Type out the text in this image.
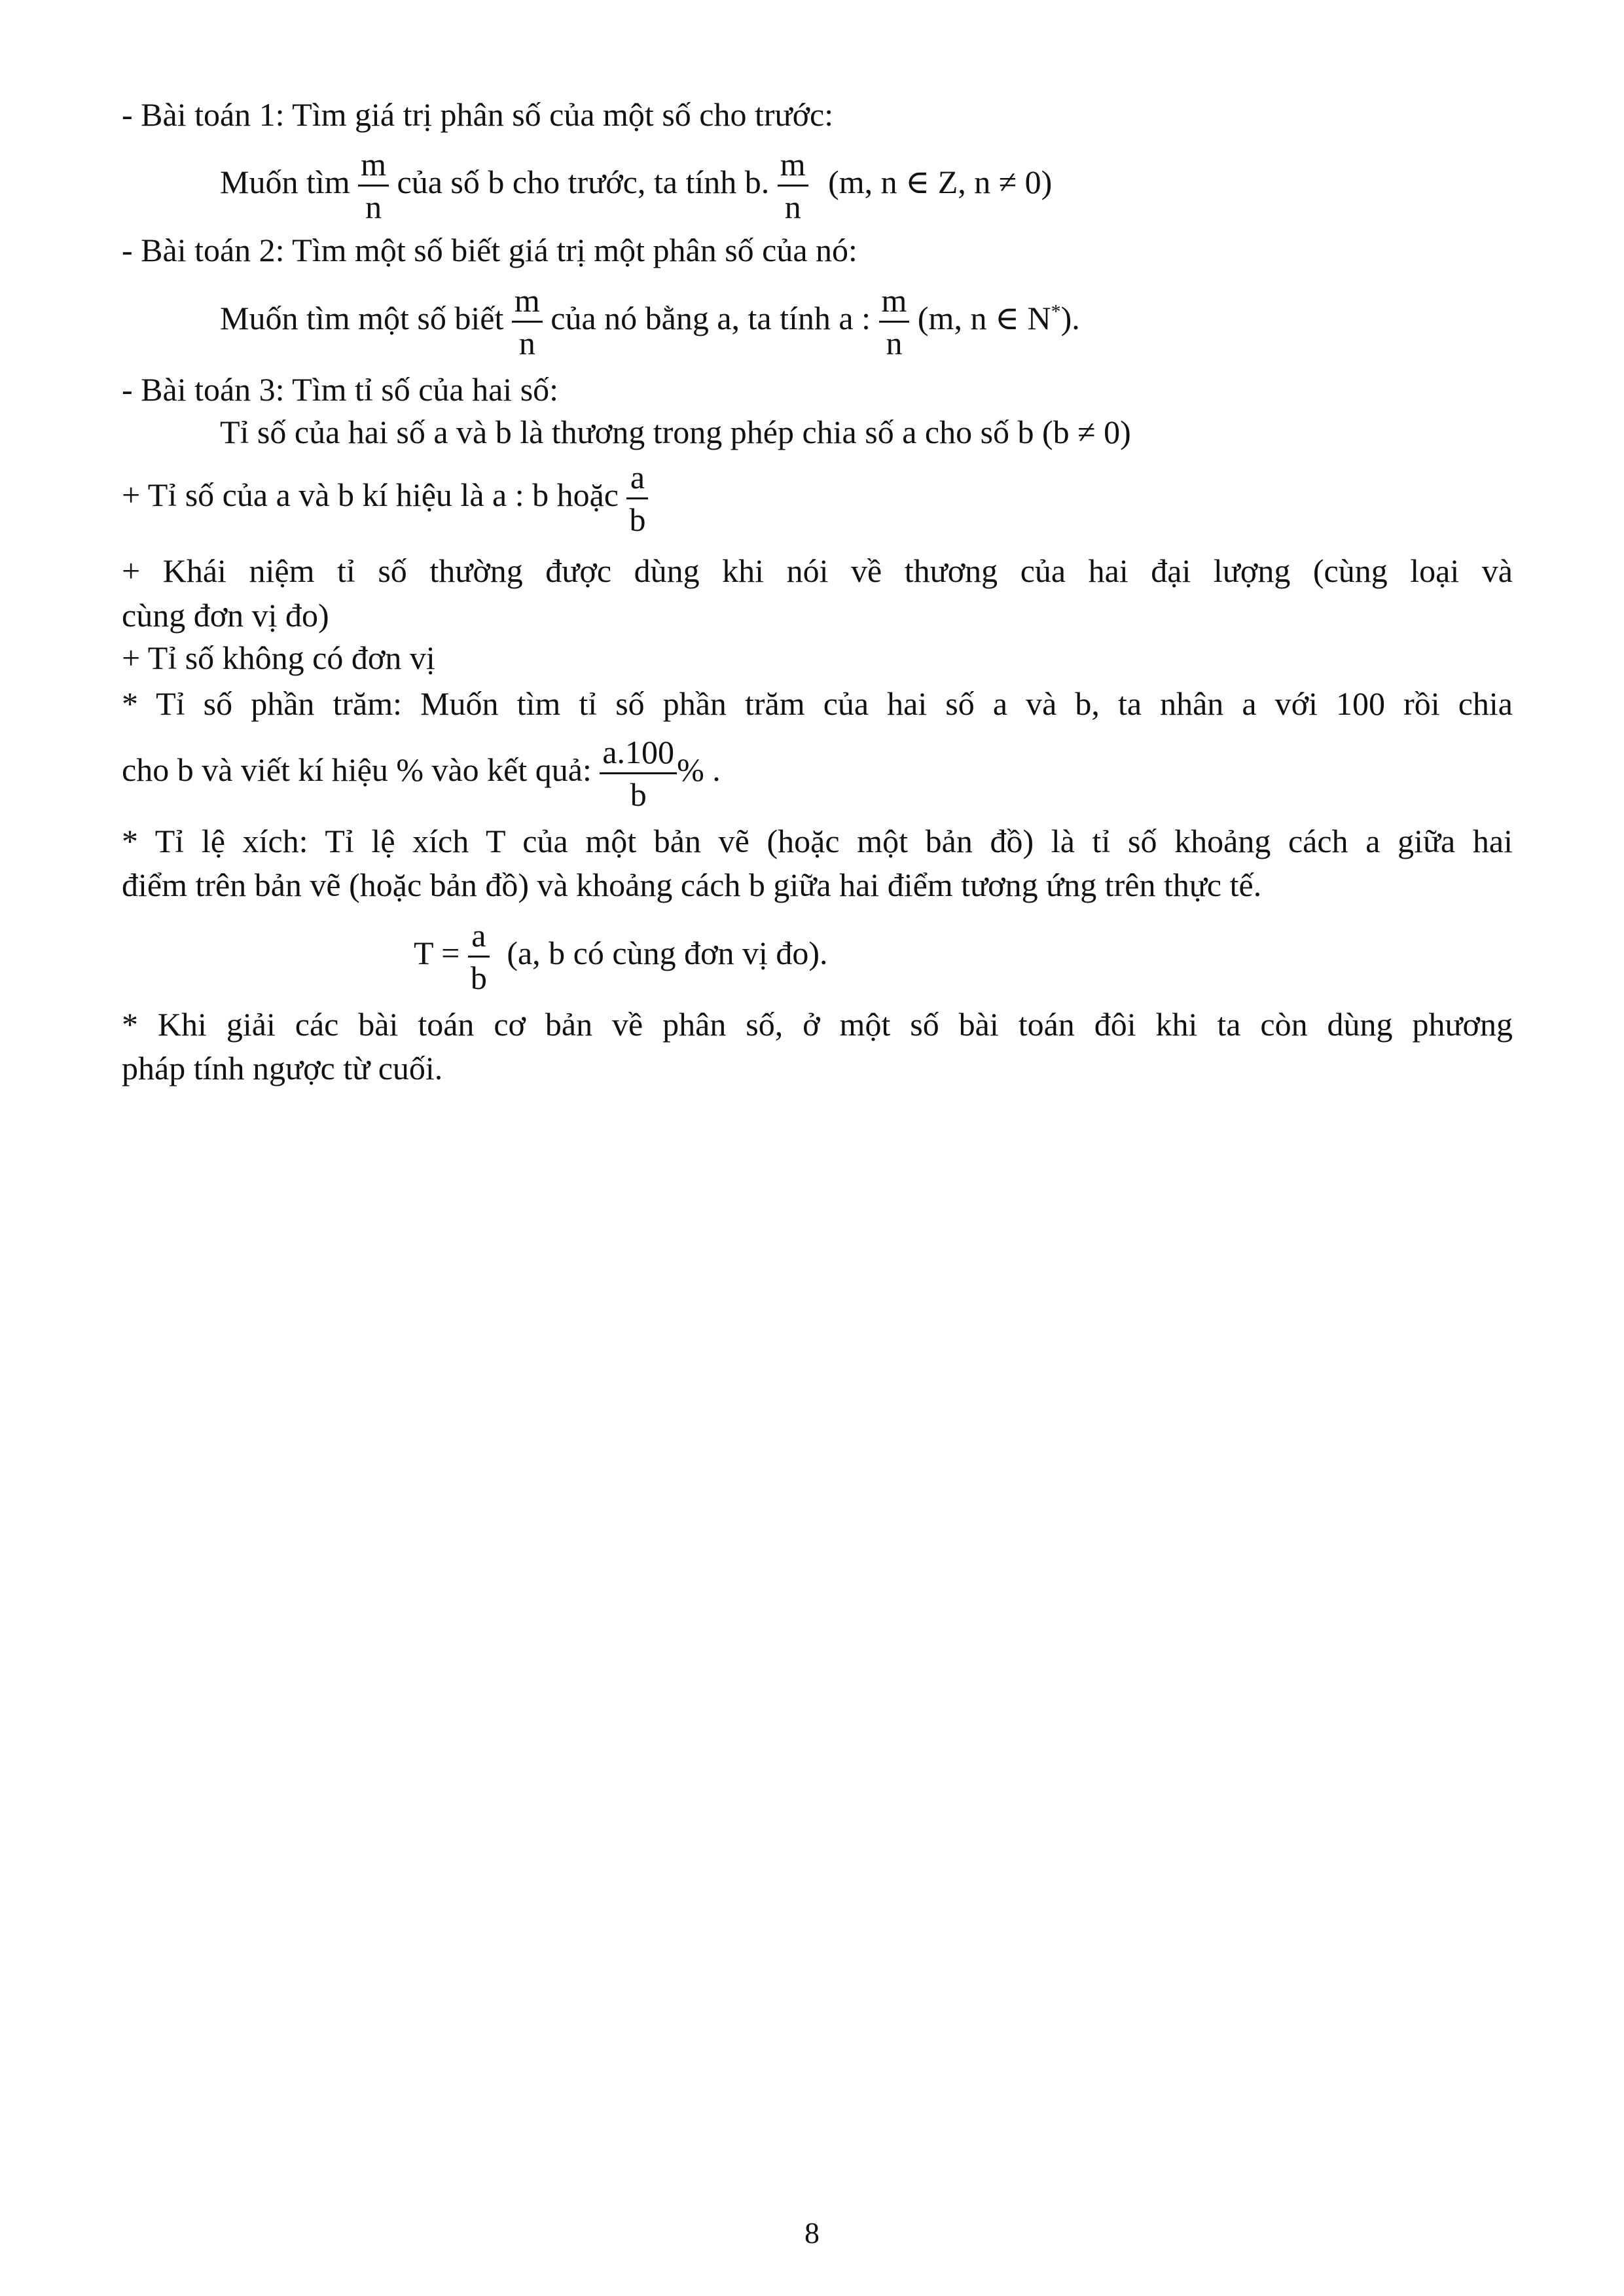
- Bài toán 1: Tìm giá trị phân số của một số cho trước:
Muốn tìm $\frac{m}{n}$ của số b cho trước, ta tính b. $\frac{m}{n} (m$, n ∈ Z, n ≠ 0)
- Bài toán 2: Tìm một số biết giá trị một phân số của nó:
Muốn tìm một số biết $\frac{m}{n}$ của nó bằng a, ta tính a : $\frac{m}{n} (m$, n ∈ N*).
- Bài toán 3: Tìm tỉ số của hai số:
Tỉ số của hai số a và b là thương trong phép chia số a cho số b (b ≠ 0)
+ Tỉ số của a và b kí hiệu là a : b hoặc $\frac{a}{b}$
+ Khái niệm tỉ số thường được dùng khi nói về thương của hai đại lượng (cùng loại và
cùng đơn vị đo)
+ Tỉ số không có đơn vị
* Tỉ số phần trăm: Muốn tìm tỉ số phần trăm của hai số a và b, ta nhân a với 100 rồi chia
cho b và viết kí hiệu % vào kết quả: $\frac{a.100}{b}$ % .
* Tỉ lệ xích: Tỉ lệ xích T của một bản vẽ (hoặc một bản đồ) là tỉ số khoảng cách a giữa hai
điểm trên bản vẽ (hoặc bản đồ) và khoảng cách b giữa hai điểm tương ứng trên thực tế.
$T = \frac{a}{b} (a$, b có cùng đơn vị đo).
* Khi giải các bài toán cơ bản về phân số, ở một số bài toán đôi khi ta còn dùng phương
pháp tính ngược từ cuối.
8
